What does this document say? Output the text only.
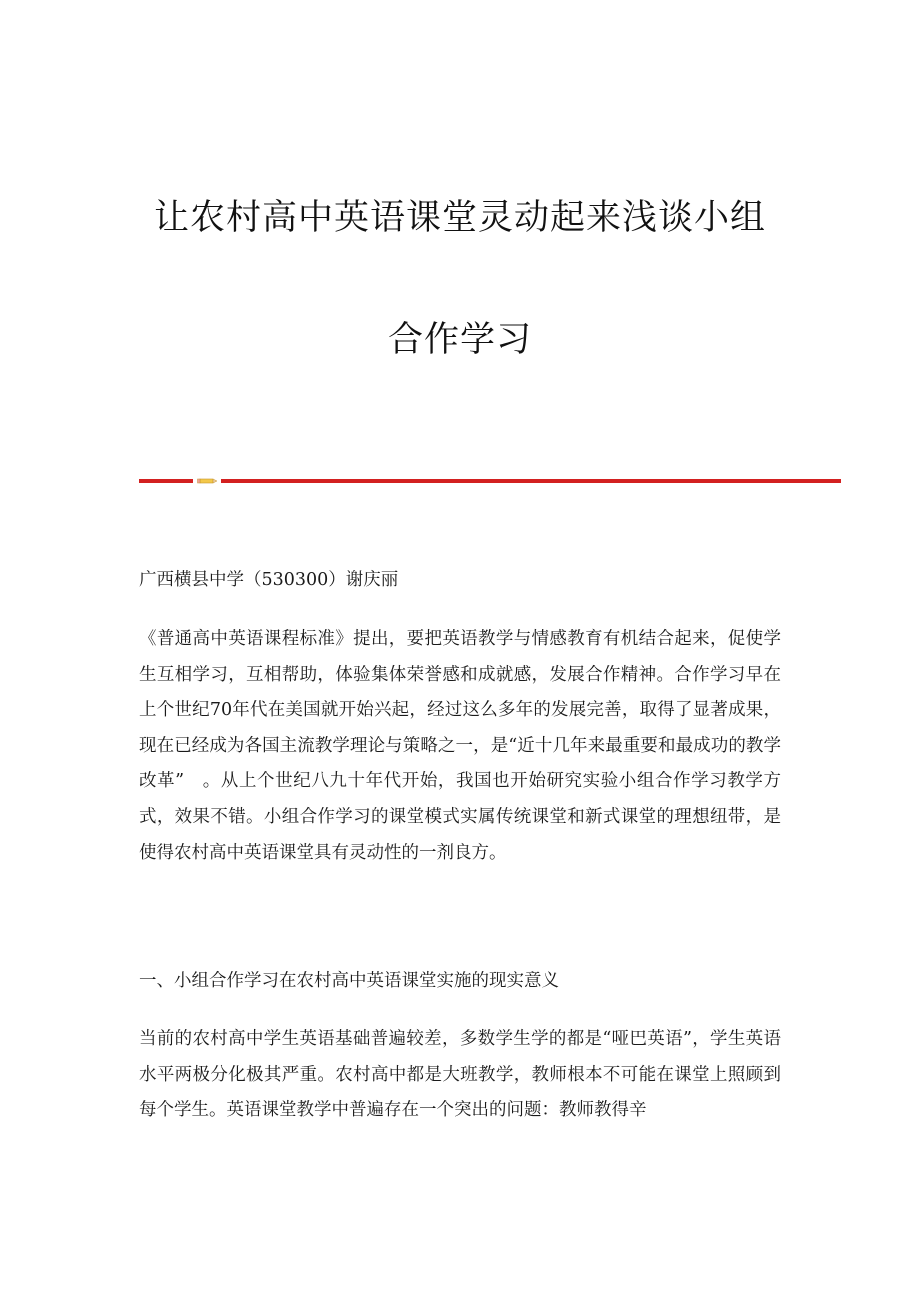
让农村高中英语课堂灵动起来浅谈小组
合作学习

广西横县中学（530300）谢庆丽

《普通高中英语课程标准》提出，要把英语教学与情感教育有机结合起来，促使学生互相学习，互相帮助，体验集体荣誉感和成就感，发展合作精神。合作学习早在上个世纪70年代在美国就开始兴起，经过这么多年的发展完善，取得了显著成果，现在已经成为各国主流教学理论与策略之一，是“近十几年来最重要和最成功的教学改革”　。从上个世纪八九十年代开始，我国也开始研究实验小组合作学习教学方式，效果不错。小组合作学习的课堂模式实属传统课堂和新式课堂的理想纽带，是使得农村高中英语课堂具有灵动性的一剂良方。

一、小组合作学习在农村高中英语课堂实施的现实意义

当前的农村高中学生英语基础普遍较差，多数学生学的都是“哑巴英语”，学生英语水平两极分化极其严重。农村高中都是大班教学，教师根本不可能在课堂上照顾到每个学生。英语课堂教学中普遍存在一个突出的问题：教师教得辛
